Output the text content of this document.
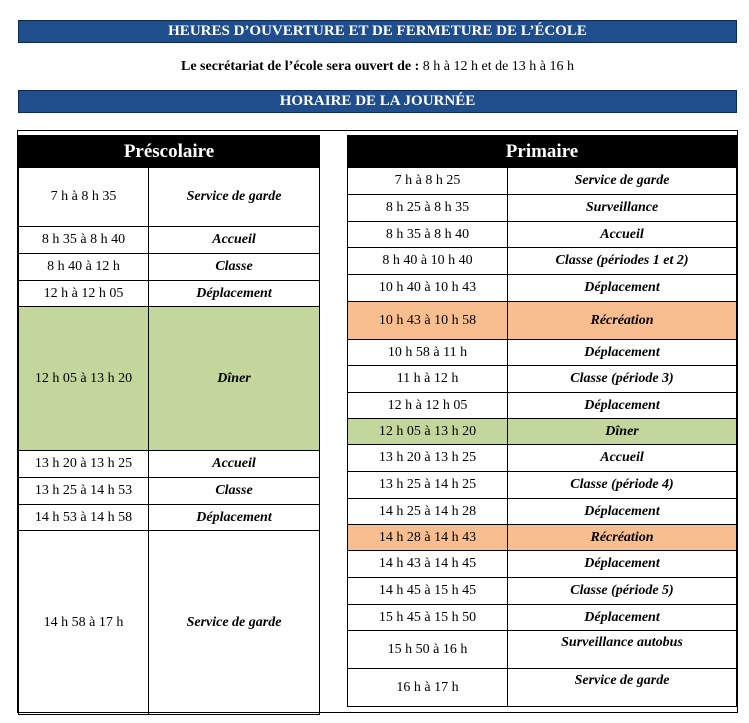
HEURES D’OUVERTURE ET DE FERMETURE DE L’ÉCOLE
Le secrétariat de l’école sera ouvert de : 8 h à 12 h et de 13 h à 16 h
HORAIRE DE LA JOURNÉE
Préscolaire	
7 h à 8 h 35	Service de garde
8 h 35 à 8 h 40	Accueil
8 h 40 à 12 h	Classe
12 h à 12 h 05	Déplacement
12 h 05 à 13 h 20	Dîner
13 h 20 à 13 h 25	Accueil
13 h 25 à 14 h 53	Classe
14 h 53 à 14 h 58	Déplacement
14 h 58 à 17 h	Service de garde
Primaire	
7 h à 8 h 25	Service de garde
8 h 25 à 8 h 35	Surveillance
8 h 35 à 8 h 40	Accueil
8 h 40 à 10 h 40	Classe (périodes 1 et 2)
10 h 40 à 10 h 43	Déplacement
10 h 43 à 10 h 58	Récréation
10 h 58 à 11 h	Déplacement
11 h à 12 h	Classe (période 3)
12 h à 12 h 05	Déplacement
12 h 05 à 13 h 20	Dîner
13 h 20 à 13 h 25	Accueil
13 h 25 à 14 h 25	Classe (période 4)
14 h 25 à 14 h 28	Déplacement
14 h 28 à 14 h 43	Récréation
14 h 43 à 14 h 45	Déplacement
14 h 45 à 15 h 45	Classe (période 5)
15 h 45 à 15 h 50	Déplacement
15 h 50 à 16 h	Surveillance autobus
16 h à 17 h	Service de garde
